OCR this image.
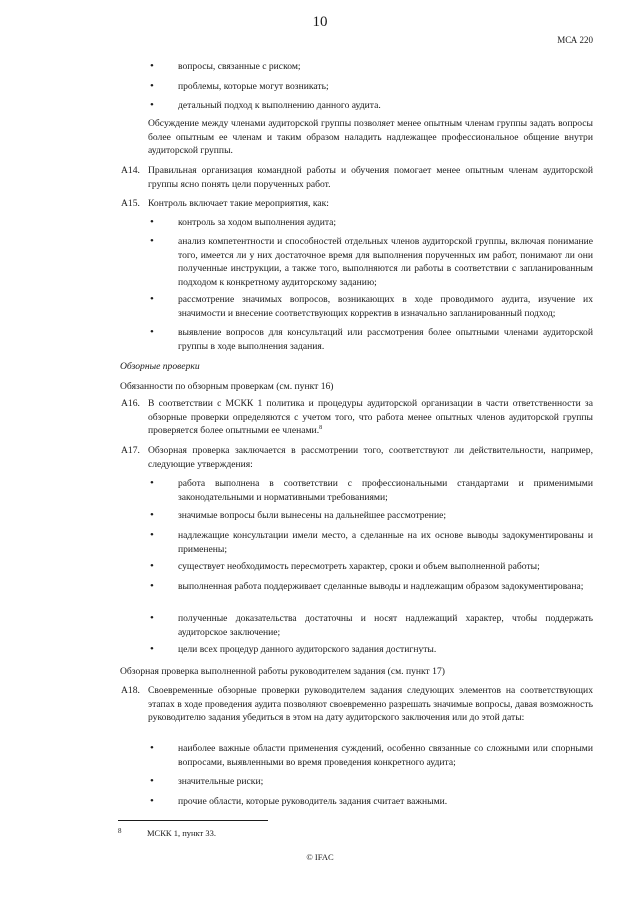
10
МСА 220
•	вопросы, связанные с риском;
•	проблемы, которые могут возникать;
•	детальный подход к выполнению данного аудита.
Обсуждение между членами аудиторской группы позволяет менее опытным членам группы задать вопросы более опытным ее членам и таким образом наладить надлежащее профессиональное общение внутри аудиторской группы.
A14. Правильная организация командной работы и обучения помогает менее опытным членам аудиторской группы ясно понять цели порученных работ.
A15. Контроль включает такие мероприятия, как:
•	контроль за ходом выполнения аудита;
•	анализ компетентности и способностей отдельных членов аудиторской группы, включая понимание того, имеется ли у них достаточное время для выполнения порученных им работ, понимают ли они полученные инструкции, а также того, выполняются ли работы в соответствии с запланированным подходом к конкретному аудиторскому заданию;
•	рассмотрение значимых вопросов, возникающих в ходе проводимого аудита, изучение их значимости и внесение соответствующих корректив в изначально запланированный подход;
•	выявление вопросов для консультаций или рассмотрения более опытными членами аудиторской группы в ходе выполнения задания.
Обзорные проверки
Обязанности по обзорным проверкам (см. пункт 16)
A16. В соответствии с МСКК 1 политика и процедуры аудиторской организации в части ответственности за обзорные проверки определяются с учетом того, что работа менее опытных членов аудиторской группы проверяется более опытными ее членами.$^8$
A17. Обзорная проверка заключается в рассмотрении того, соответствуют ли действительности, например, следующие утверждения:
•	работа выполнена в соответствии с профессиональными стандартами и применимыми законодательными и нормативными требованиями;
•	значимые вопросы были вынесены на дальнейшее рассмотрение;
•	надлежащие консультации имели место, а сделанные на их основе выводы задокументированы и применены;
•	существует необходимость пересмотреть характер, сроки и объем выполненной работы;
•	выполненная работа поддерживает сделанные выводы и надлежащим образом задокументирована;
•	полученные доказательства достаточны и носят надлежащий характер, чтобы поддержать аудиторское заключение;
•	цели всех процедур данного аудиторского задания достигнуты.
Обзорная проверка выполненной работы руководителем задания (см. пункт 17)
A18. Своевременные обзорные проверки руководителем задания следующих элементов на соответствующих этапах в ходе проведения аудита позволяют своевременно разрешать значимые вопросы, давая возможность руководителю задания убедиться в этом на дату аудиторского заключения или до этой даты:
•	наиболее важные области применения суждений, особенно связанные со сложными или спорными вопросами, выявленными во время проведения конкретного аудита;
•	значительные риски;
•	прочие области, которые руководитель задания считает важными.
8	МСКК 1, пункт 33.
© IFAC
